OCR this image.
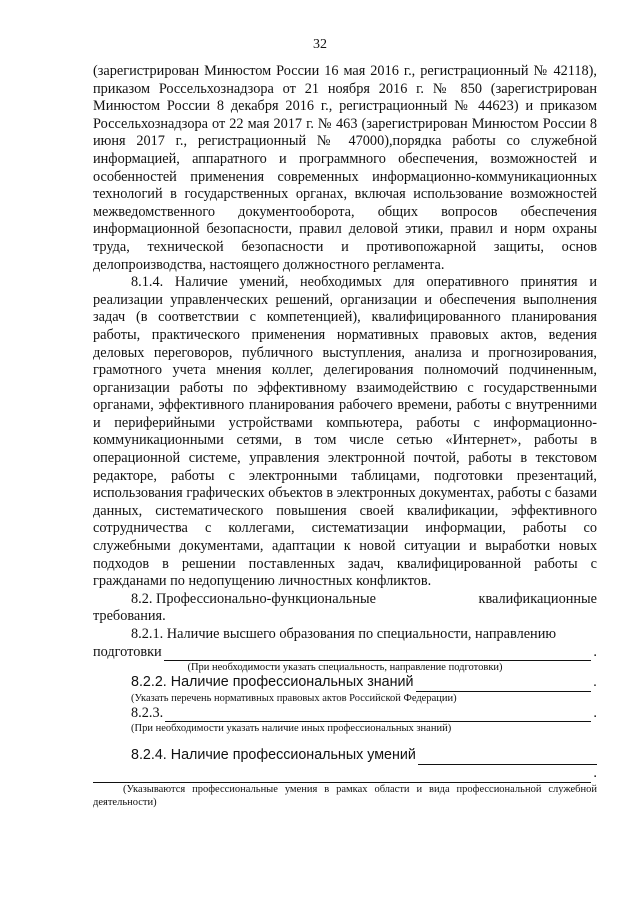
32

(зарегистрирован Минюстом России 16 мая 2016 г., регистрационный № 42118), приказом Россельхознадзора от 21 ноября 2016 г. № 850 (зарегистрирован Минюстом России 8 декабря 2016 г., регистрационный № 44623) и приказом Россельхознадзора от 22 мая 2017 г. № 463 (зарегистрирован Минюстом России 8 июня 2017 г., регистрационный № 47000),порядка работы со служебной информацией, аппаратного и программного обеспечения, возможностей и особенностей применения современных информационно-коммуникационных технологий в государственных органах, включая использование возможностей межведомственного документооборота, общих вопросов обеспечения информационной безопасности, правил деловой этики, правил и норм охраны труда, технической безопасности и противопожарной защиты, основ делопроизводства, настоящего должностного регламента.

8.1.4. Наличие умений, необходимых для оперативного принятия и реализации управленческих решений, организации и обеспечения выполнения задач (в соответствии с компетенцией), квалифицированного планирования работы, практического применения нормативных правовых актов, ведения деловых переговоров, публичного выступления, анализа и прогнозирования, грамотного учета мнения коллег, делегирования полномочий подчиненным, организации работы по эффективному взаимодействию с государственными органами, эффективного планирования рабочего времени, работы с внутренними и периферийными устройствами компьютера, работы с информационно-коммуникационными сетями, в том числе сетью «Интернет», работы в операционной системе, управления электронной почтой, работы в текстовом редакторе, работы с электронными таблицами, подготовки презентаций, использования графических объектов в электронных документах, работы с базами данных, систематического повышения своей квалификации, эффективного сотрудничества с коллегами, систематизации информации, работы со служебными документами, адаптации к новой ситуации и выработки новых подходов в решении поставленных задач, квалифицированной работы с гражданами по недопущению личностных конфликтов.

8.2. Профессионально-функциональные	квалификационные
требования.

8.2.1. Наличие высшего образования по специальности, направлению

подготовки	.
(При необходимости указать специальность, направление подготовки)
8.2.2. Наличие профессиональных знаний	.
(Указать перечень нормативных правовых актов Российской Федерации)
8.2.3.	.
(При необходимости указать наличие иных профессиональных знаний)
8.2.4. Наличие профессиональных умений
.
(Указываются профессиональные умения в рамках области и вида профессиональной служебной деятельности)
